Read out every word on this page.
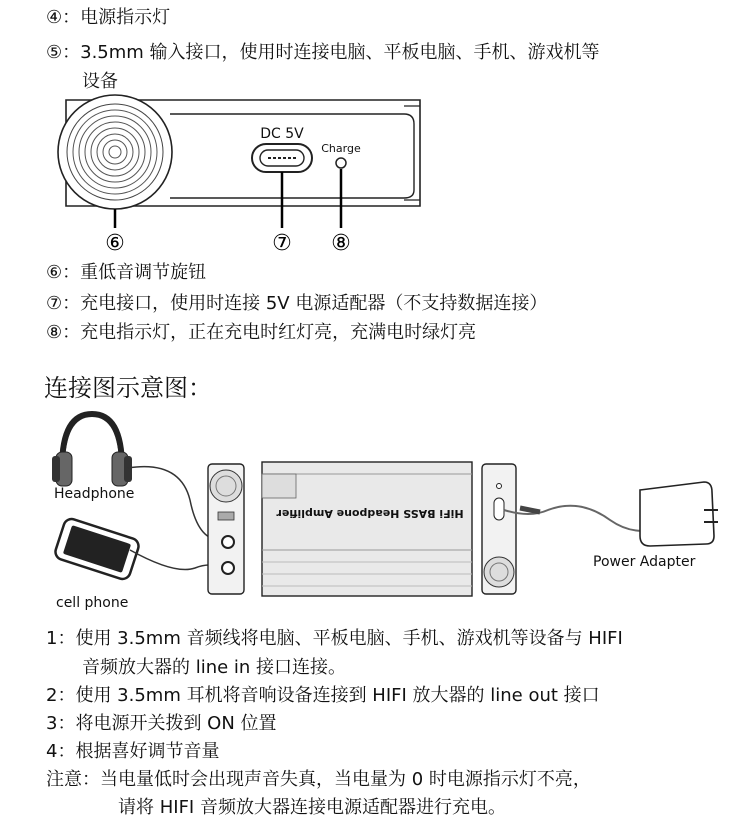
④：电源指示灯
⑤：3.5mm 输入接口，使用时连接电脑、平板电脑、手机、游戏机等
设备
DC 5V
Charge
⑥	⑦ ⑧
⑥：重低音调节旋钮
⑦：充电接口，使用时连接 5V 电源适配器（不支持数据连接）
⑧：充电指示灯，正在充电时红灯亮，充满电时绿灯亮
连接图示意图：
Headphone
cell phone
HiFi BASS Headpone Amplifier
Power Adapter
1：使用 3.5mm 音频线将电脑、平板电脑、手机、游戏机等设备与 HIFI
音频放大器的 line in 接口连接。
2：使用 3.5mm 耳机将音响设备连接到 HIFI 放大器的 line out 接口
3：将电源开关拨到 ON 位置
4：根据喜好调节音量
注意：当电量低时会出现声音失真，当电量为 0 时电源指示灯不亮，
请将 HIFI 音频放大器连接电源适配器进行充电。
